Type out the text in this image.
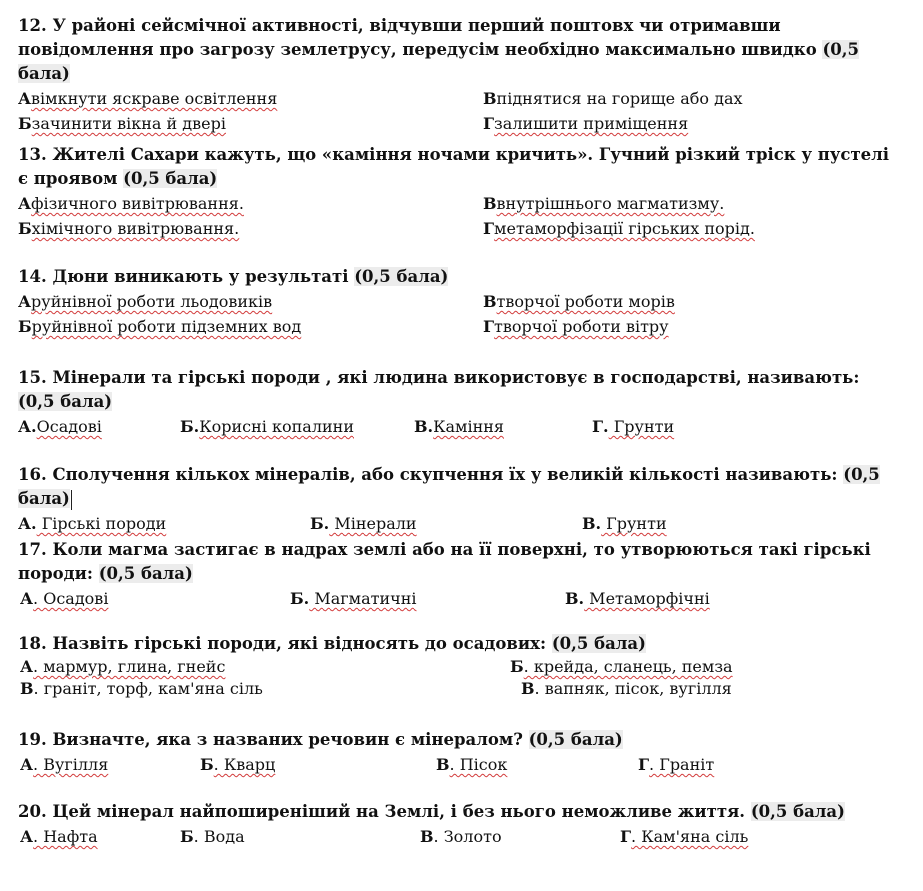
12. У районі сейсмічної активності, відчувши перший поштовх чи отримавши повідомлення про загрозу землетрусу, передусім необхідно максимально швидко (0,5 бала)

Авімкнути яскраве освітлення	Впіднятися на горище або дах
Бзачинити вікна й двері	Гзалишити приміщення

13. Жителі Сахари кажуть, що «каміння ночами кричить». Гучний різкий тріск у пустелі є проявом (0,5 бала)

Афізичного вивітрювання.	Ввнутрішнього магматизму.
Бхімічного вивітрювання.	Гметаморфізації гірських порід.

14. Дюни виникають у результаті (0,5 бала)

Аруйнівної роботи льодовиків	Втворчої роботи морів
Бруйнівної роботи підземних вод	Гтворчої роботи вітру

15. Мінерали та гірські породи , які людина використовує в господарстві, називають:  (0,5 бала)

А.Осадові	Б.Корисні копалини	В.Каміння	Г. Грунти

16. Сполучення кількох мінералів, або скупчення їх у великій кількості називають: (0,5 бала)

А. Гірські породи	Б. Мінерали	В. Грунти

17. Коли магма застигає в надрах землі або на її поверхні, то утворюються такі гірські породи: (0,5 бала)

А. Осадові	Б. Магматичні	В. Метаморфічні

18. Назвіть гірські породи, які відносять до осадових: (0,5 бала)

А. мармур, глина, гнейс	Б. крейда, сланець, пемза
В. граніт, торф, кам'яна сіль	В. вапняк, пісок, вугілля

19. Визначте, яка з названих речовин є мінералом? (0,5 бала)

А. Вугілля	Б. Кварц	В. Пісок	Г. Граніт

20. Цей мінерал найпоширеніший на Землі, і без нього неможливе життя. (0,5 бала)

А. Нафта	Б. Вода	В. Золото	Г. Кам'яна сіль
